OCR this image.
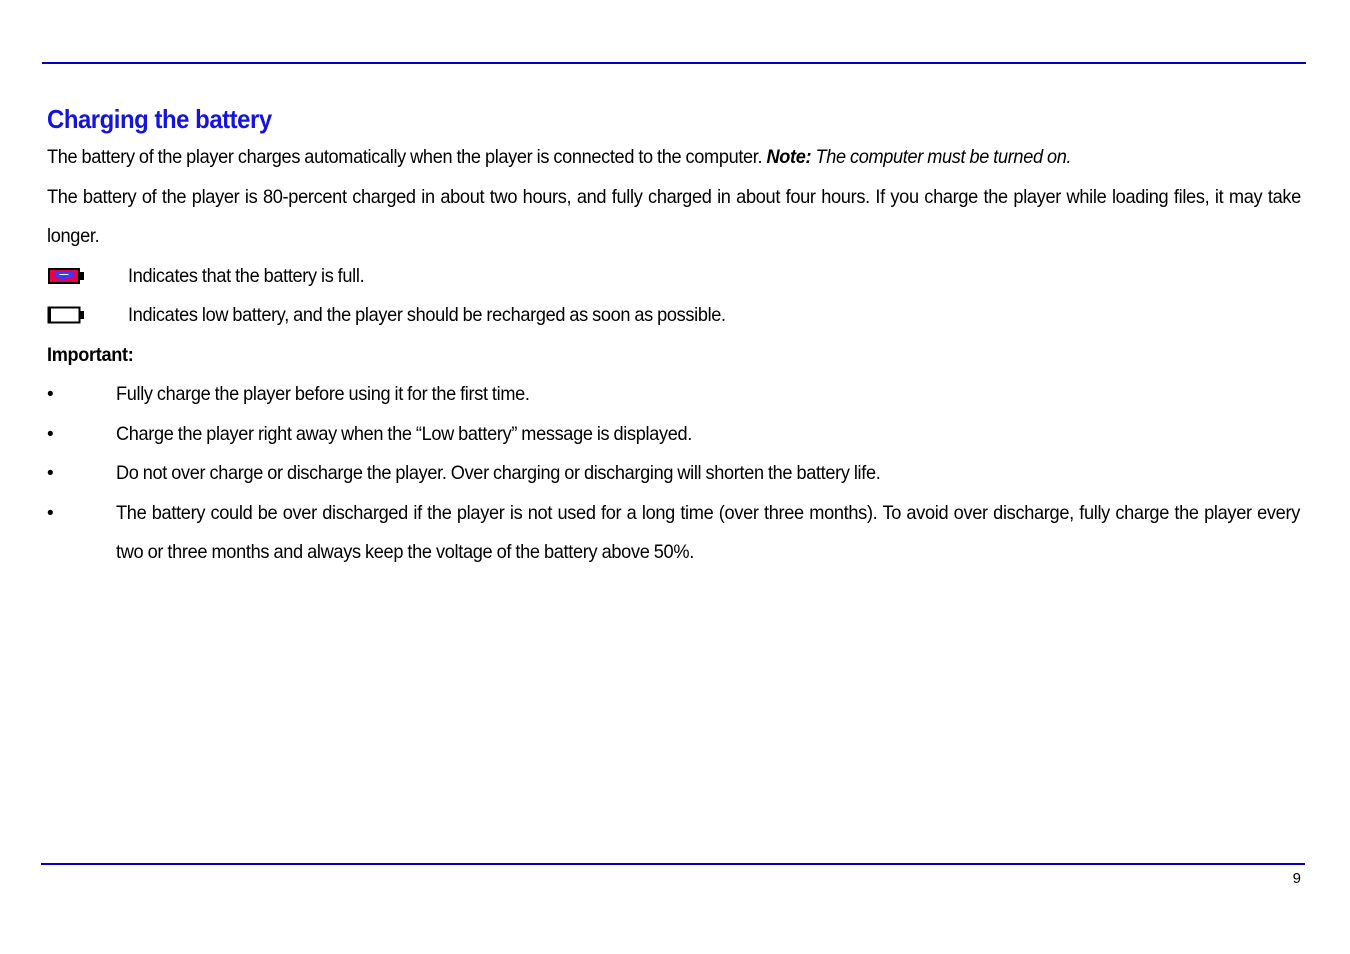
Charging the battery

The battery of the player charges automatically when the player is connected to the computer. Note: The computer must be turned on.

The battery of the player is 80-percent charged in about two hours, and fully charged in about four hours. If you charge the player while loading files, it may take longer.

Indicates that the battery is full.
Indicates low battery, and the player should be recharged as soon as possible.

Important:

•	Fully charge the player before using it for the first time.
•	Charge the player right away when the “Low battery” message is displayed.
•	Do not over charge or discharge the player. Over charging or discharging will shorten the battery life.
•	The battery could be over discharged if the player is not used for a long time (over three months). To avoid over discharge, fully charge the player every two or three months and always keep the voltage of the battery above 50%.
9
